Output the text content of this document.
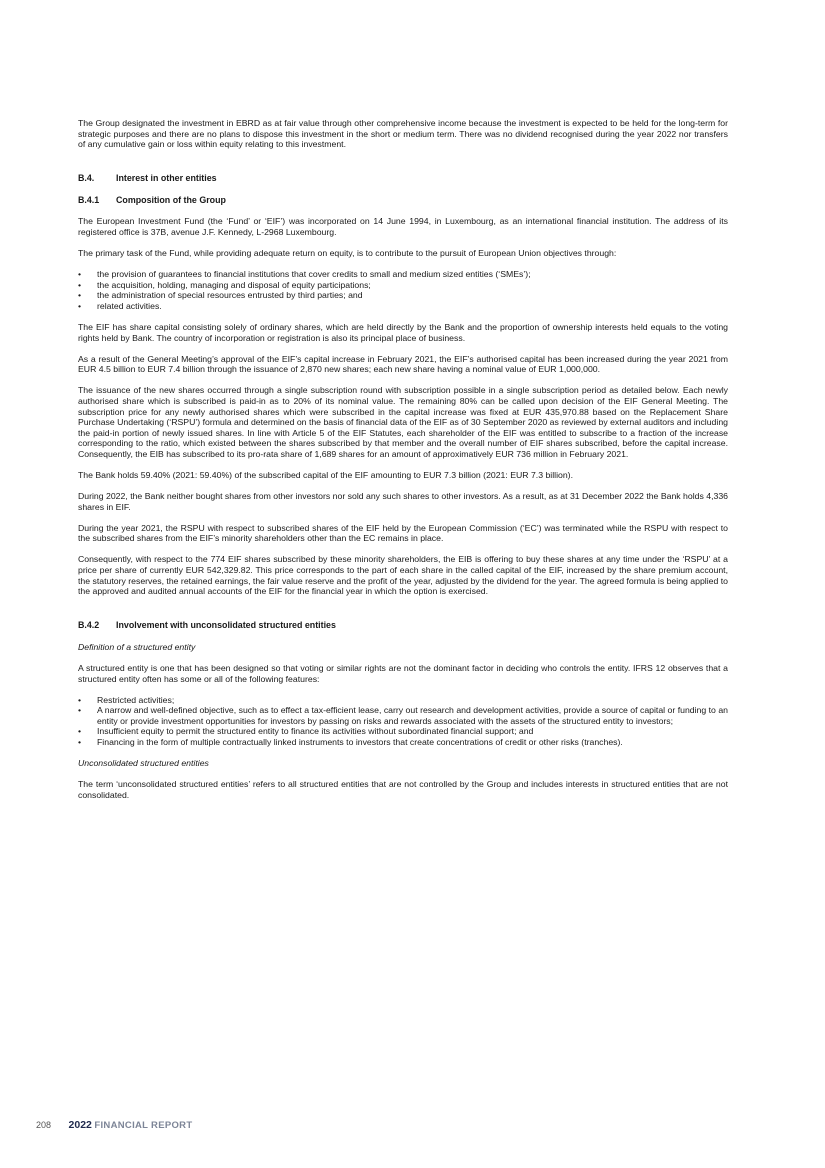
The Group designated the investment in EBRD as at fair value through other comprehensive income because the investment is expected to be held for the long-term for strategic purposes and there are no plans to dispose this investment in the short or medium term. There was no dividend recognised during the year 2022 nor transfers of any cumulative gain or loss within equity relating to this investment.

B.4. Interest in other entities
B.4.1 Composition of the Group

The European Investment Fund (the ‘Fund’ or ‘EIF’) was incorporated on 14 June 1994, in Luxembourg, as an international financial institution. The address of its registered office is 37B, avenue J.F. Kennedy, L-2968 Luxembourg.

The primary task of the Fund, while providing adequate return on equity, is to contribute to the pursuit of European Union objectives through:

• the provision of guarantees to financial institutions that cover credits to small and medium sized entities (‘SMEs’);
• the acquisition, holding, managing and disposal of equity participations;
• the administration of special resources entrusted by third parties; and
• related activities.

The EIF has share capital consisting solely of ordinary shares, which are held directly by the Bank and the proportion of ownership interests held equals to the voting rights held by Bank. The country of incorporation or registration is also its principal place of business.

As a result of the General Meeting’s approval of the EIF’s capital increase in February 2021, the EIF’s authorised capital has been increased during the year 2021 from EUR 4.5 billion to EUR 7.4 billion through the issuance of 2,870 new shares; each new share having a nominal value of EUR 1,000,000.

The issuance of the new shares occurred through a single subscription round with subscription possible in a single subscription period as detailed below. Each newly authorised share which is subscribed is paid-in as to 20% of its nominal value. The remaining 80% can be called upon decision of the EIF General Meeting. The subscription price for any newly authorised shares which were subscribed in the capital increase was fixed at EUR 435,970.88 based on the Replacement Share Purchase Undertaking (‘RSPU’) formula and determined on the basis of financial data of the EIF as of 30 September 2020 as reviewed by external auditors and including the paid-in portion of newly issued shares. In line with Article 5 of the EIF Statutes, each shareholder of the EIF was entitled to subscribe to a fraction of the increase corresponding to the ratio, which existed between the shares subscribed by that member and the overall number of EIF shares subscribed, before the capital increase. Consequently, the EIB has subscribed to its pro-rata share of 1,689 shares for an amount of approximatively EUR 736 million in February 2021.

The Bank holds 59.40% (2021: 59.40%) of the subscribed capital of the EIF amounting to EUR 7.3 billion (2021: EUR 7.3 billion).

During 2022, the Bank neither bought shares from other investors nor sold any such shares to other investors. As a result, as at 31 December 2022 the Bank holds 4,336 shares in EIF.

During the year 2021, the RSPU with respect to subscribed shares of the EIF held by the European Commission (‘EC’) was terminated while the RSPU with respect to the subscribed shares from the EIF’s minority shareholders other than the EC remains in place.

Consequently, with respect to the 774 EIF shares subscribed by these minority shareholders, the EIB is offering to buy these shares at any time under the ‘RSPU’ at a price per share of currently EUR 542,329.82. This price corresponds to the part of each share in the called capital of the EIF, increased by the share premium account, the statutory reserves, the retained earnings, the fair value reserve and the profit of the year, adjusted by the dividend for the year. The agreed formula is being applied to the approved and audited annual accounts of the EIF for the financial year in which the option is exercised.

B.4.2 Involvement with unconsolidated structured entities

Definition of a structured entity

A structured entity is one that has been designed so that voting or similar rights are not the dominant factor in deciding who controls the entity. IFRS 12 observes that a structured entity often has some or all of the following features:

• Restricted activities;
• A narrow and well-defined objective, such as to effect a tax-efficient lease, carry out research and development activities, provide a source of capital or funding to an entity or provide investment opportunities for investors by passing on risks and rewards associated with the assets of the structured entity to investors;
• Insufficient equity to permit the structured entity to finance its activities without subordinated financial support; and
• Financing in the form of multiple contractually linked instruments to investors that create concentrations of credit or other risks (tranches).

Unconsolidated structured entities

The term ‘unconsolidated structured entities’ refers to all structured entities that are not controlled by the Group and includes interests in structured entities that are not consolidated.

208 2022 FINANCIAL REPORT
